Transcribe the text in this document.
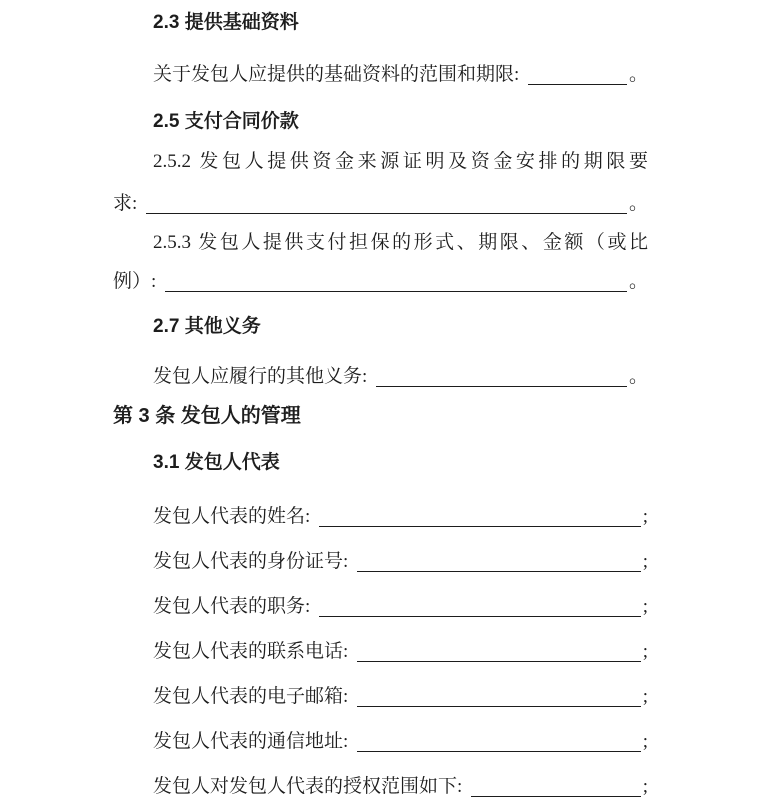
2.3 提供基础资料
关于发包人应提供的基础资料的范围和期限:	。
2.5 支付合同价款
2.5.2 发包人提供资金来源证明及资金安排的期限要
求:	。
2.5.3 发包人提供支付担保的形式、期限、金额（或比
例）:	。
2.7 其他义务
发包人应履行的其他义务:	。
第 3 条 发包人的管理
3.1 发包人代表
发包人代表的姓名:	;
发包人代表的身份证号:	;
发包人代表的职务:	;
发包人代表的联系电话:	;
发包人代表的电子邮箱:	;
发包人代表的通信地址:	;
发包人对发包人代表的授权范围如下:	;
